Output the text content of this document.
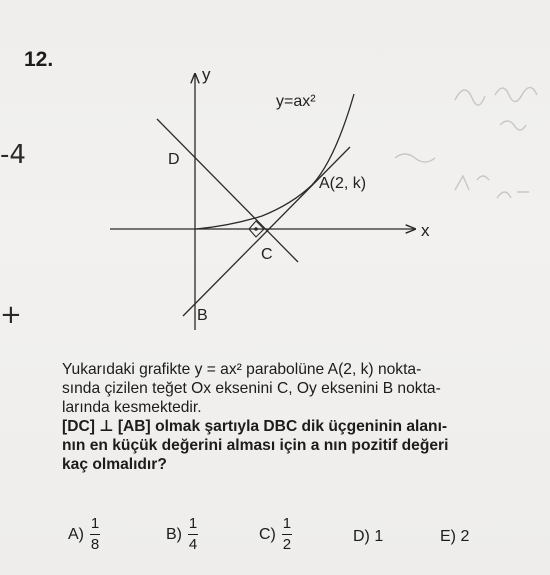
12.
-4
+
y
x
y=ax²
A(2, k)
D
C
B

Yukarıdaki grafikte y = ax² parabolüne A(2, k) nokta-

sında çizilen teğet Ox eksenini C, Oy eksenini B nokta-

larında kesmektedir.

[DC] ⊥ [AB] olmak şartıyla DBC dik üçgeninin alanı-

nın en küçük değerini alması için a nın pozitif değeri

kaç olmalıdır?

$A) \frac{1}{8}$	$B) \frac{1}{4}$	$C) \frac{1}{2}$	D) 1	E) 2
